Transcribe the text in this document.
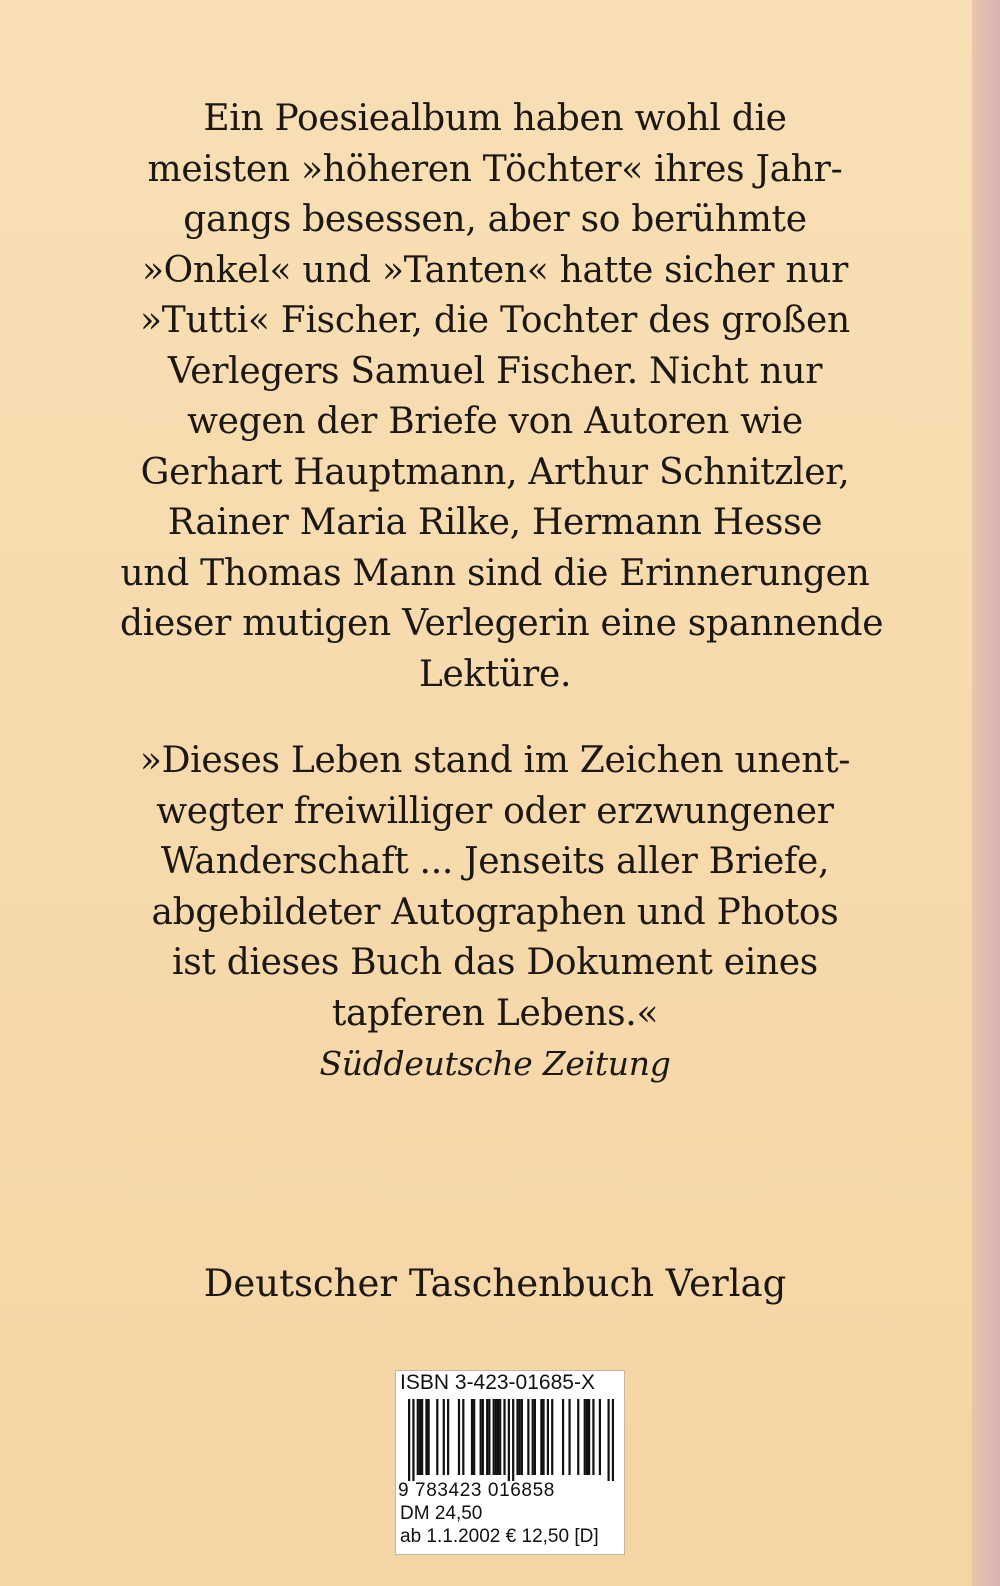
Ein Poesiealbum haben wohl die
meisten »höheren Töchter« ihres Jahr-
gangs besessen, aber so berühmte
»Onkel« und »Tanten« hatte sicher nur
»Tutti« Fischer, die Tochter des großen
Verlegers Samuel Fischer. Nicht nur
wegen der Briefe von Autoren wie
Gerhart Hauptmann, Arthur Schnitzler,
Rainer Maria Rilke, Hermann Hesse
und Thomas Mann sind die Erinnerungen
dieser mutigen Verlegerin eine spannende
Lektüre.
»Dieses Leben stand im Zeichen unent-
wegter freiwilliger oder erzwungener
Wanderschaft ... Jenseits aller Briefe,
abgebildeter Autographen und Photos
ist dieses Buch das Dokument eines
tapferen Lebens.«
Süddeutsche Zeitung
Deutscher Taschenbuch Verlag
ISBN 3-423-01685-X
9 783423 016858
DM 24,50
ab 1.1.2002 € 12,50 [D]
